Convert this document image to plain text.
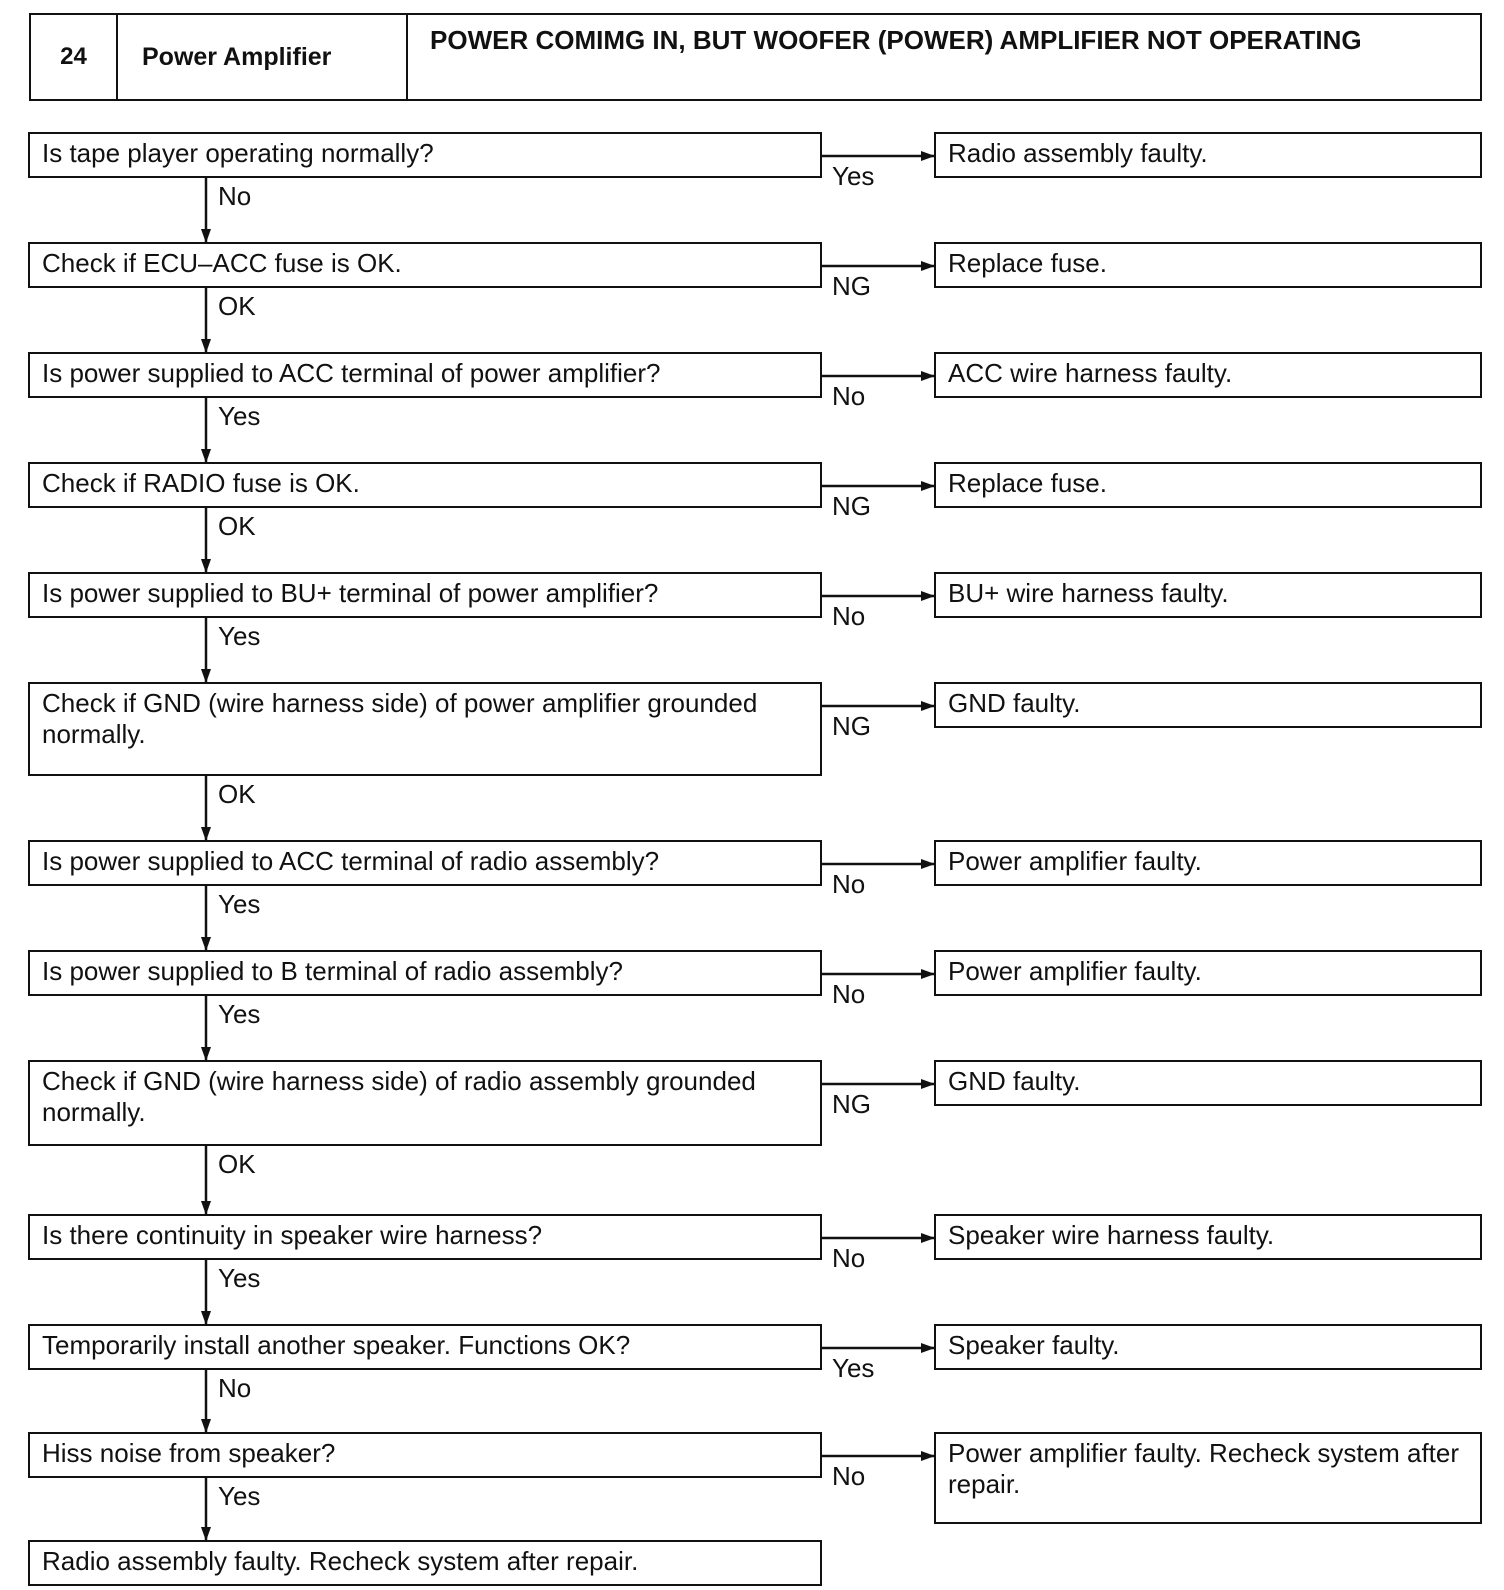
24	Power Amplifier
POWER COMIMG IN, BUT WOOFER (POWER) AMPLIFIER NOT OPERATING
Is tape player operating normally?	Radio assembly faulty.
Yes
No
Check if ECU–ACC fuse is OK.	Replace fuse.
NG
OK
Is power supplied to ACC terminal of power amplifier?	ACC wire harness faulty.
No
Yes
Check if RADIO fuse is OK.	Replace fuse.
NG
OK
Is power supplied to BU+ terminal of power amplifier?	BU+ wire harness faulty.
No
Yes
Check if GND (wire harness side) of power amplifier grounded normally.
GND faulty.
NG
OK
Is power supplied to ACC terminal of radio assembly?	Power amplifier faulty.
No
Yes
Is power supplied to B terminal of radio assembly?	Power amplifier faulty.
No
Yes
Check if GND (wire harness side) of radio assembly grounded normally.
GND faulty.
NG
OK
Is there continuity in speaker wire harness?	Speaker wire harness faulty.
No
Yes
Temporarily install another speaker. Functions OK?	Speaker faulty.
Yes
No
Hiss noise from speaker?	Power amplifier faulty. Recheck system after repair.
No
Yes
Radio assembly faulty. Recheck system after repair.
